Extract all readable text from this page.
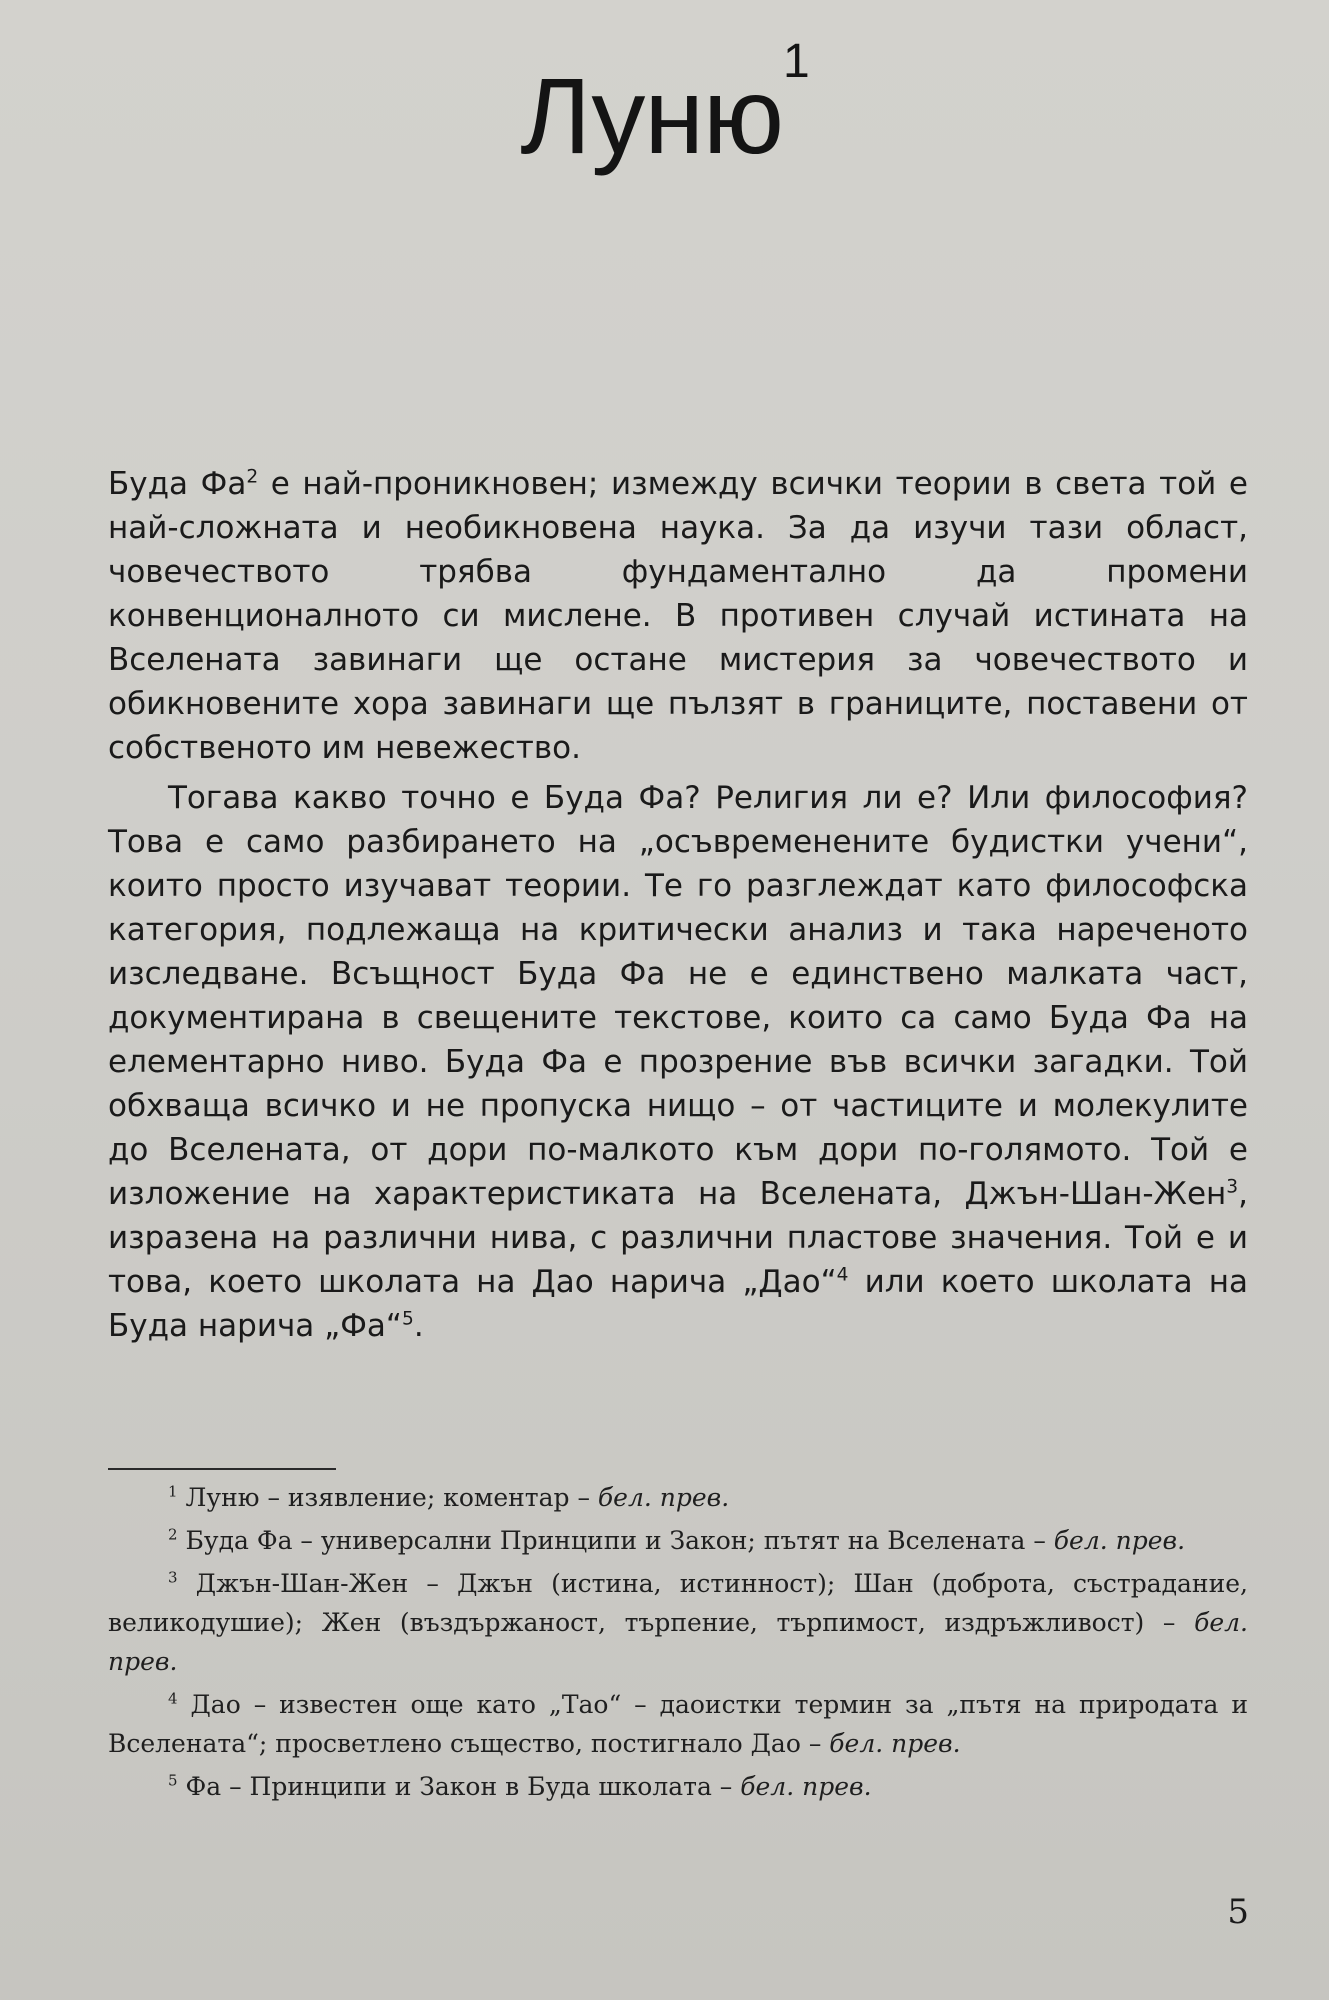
Луню$^1$

Буда $Фа^2$ е най-проникновен; измежду всички теории в света той е най-сложната и необикновена наука. За да изучи тази област, човечеството трябва фундаментално да промени конвенционалното си мислене. В противен случай истината на Вселената завинаги ще остане мистерия за човечеството и обикновените хора завинаги ще пълзят в границите, поставени от собственото им невежество.

Тогава какво точно е Буда Фа? Религия ли е? Или философия? Това е само разбирането на „осъвременените будистки учени“, които просто изучават теории. Те го разглеждат като философска категория, подлежаща на критически анализ и така нареченото изследване. Всъщност Буда Фа не е единствено малката част, документирана в свещените текстове, които са само Буда Фа на елементарно ниво. Буда Фа е прозрение във всички загадки. Той обхваща всичко и не пропуска нищо – от частиците и молекулите до Вселената, от дори по-малкото към дори по-голямото. Той е изложение на характеристиката на Вселената, Джън-Шан-Жен$^3$, изразена на различни нива, с различни пластове значения. Той е и това, което школата на Дао нарича „Дао“$^4$ или което школата на Буда нарича „Фа“$^5$.

$^1$ Луню – изявление; коментар – бел. прев.

$^2$ Буда Фа – универсални Принципи и Закон; пътят на Вселената – бел. прев.

$^3$ Джън-Шан-Жен – Джън (истина, истинност); Шан (доброта, състрадание, великодушие); Жен (въздържаност, търпение, търпимост, издръжливост) – бел. прев.

$^4$ Дао – известен още като „Тао“ – даоистки термин за „пътя на природата и Вселената“; просветлено същество, постигнало Дао – бел. прев.

$^5$ Фа – Принципи и Закон в Буда школата – бел. прев.

5
